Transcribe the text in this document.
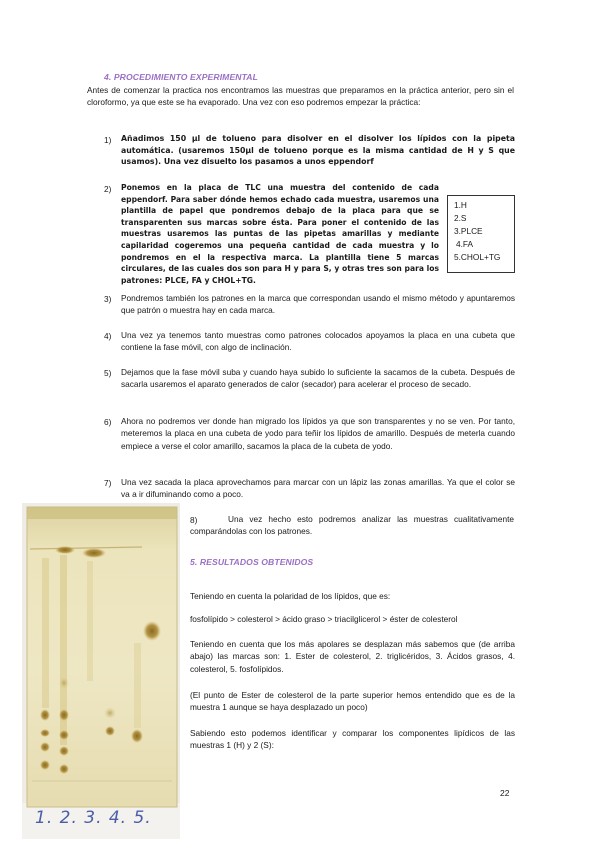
4. PROCEDIMIENTO EXPERIMENTAL
Antes de comenzar la practica nos encontramos las muestras que preparamos en la práctica anterior, pero sin el cloroformo, ya que este se ha evaporado. Una vez con eso podremos empezar la práctica:
1)	Añadimos 150 µl de tolueno para disolver en el disolver los lípidos con la pipeta automática. (usaremos 150µl de tolueno porque es la misma cantidad de H y S que usamos). Una vez disuelto los pasamos a unos eppendorf
2)	Ponemos en la placa de TLC una muestra del contenido de cada eppendorf. Para saber dónde hemos echado cada muestra, usaremos una plantilla de papel que pondremos debajo de la placa para que se transparenten sus marcas sobre ésta. Para poner el contenido de las muestras usaremos las puntas de las pipetas amarillas y mediante capilaridad cogeremos una pequeña cantidad de cada muestra y lo pondremos en el la respectiva marca. La plantilla tiene 5 marcas circulares, de las cuales dos son para H y para S, y otras tres son para los patrones: PLCE, FA y CHOL+TG.
1.H
2.S
3.PLCE
4.FA
5.CHOL+TG
3)	Pondremos también los patrones en la marca que correspondan usando el mismo método y apuntaremos que patrón o muestra hay en cada marca.
4)	Una vez ya tenemos tanto muestras como patrones colocados apoyamos la placa en una cubeta que contiene la fase móvil, con algo de inclinación.
5)	Dejamos que la fase móvil suba y cuando haya subido lo suficiente la sacamos de la cubeta. Después de sacarla usaremos el aparato generados de calor (secador) para acelerar el proceso de secado.
6)	Ahora no podremos ver donde han migrado los lípidos ya que son transparentes y no se ven. Por tanto, meteremos la placa en una cubeta de yodo para teñir los lípidos de amarillo. Después de meterla cuando empiece a verse el color amarillo, sacamos la placa de la cubeta de yodo.
7)	Una vez sacada la placa aprovechamos para marcar con un lápiz las zonas amarillas. Ya que el color se va a ir difuminando como a poco.
1. 2. 3. 4. 5.
8)	Una vez hecho esto podremos analizar las muestras cualitativamente comparándolas con los patrones.
5. RESULTADOS OBTENIDOS
Teniendo en cuenta la polaridad de los lípidos, que es:
fosfolípido > colesterol > ácido graso > triacilglicerol > éster de colesterol
Teniendo en cuenta que los más apolares se desplazan más sabemos que (de arriba abajo) las marcas son: 1. Ester de colesterol, 2. triglicéridos, 3. Ácidos grasos, 4. colesterol, 5. fosfolípidos.
(El punto de Ester de colesterol de la parte superior hemos entendido que es de la muestra 1 aunque se haya desplazado un poco)
Sabiendo esto podemos identificar y comparar los componentes lipídicos de las muestras 1 (H) y 2 (S):
22
